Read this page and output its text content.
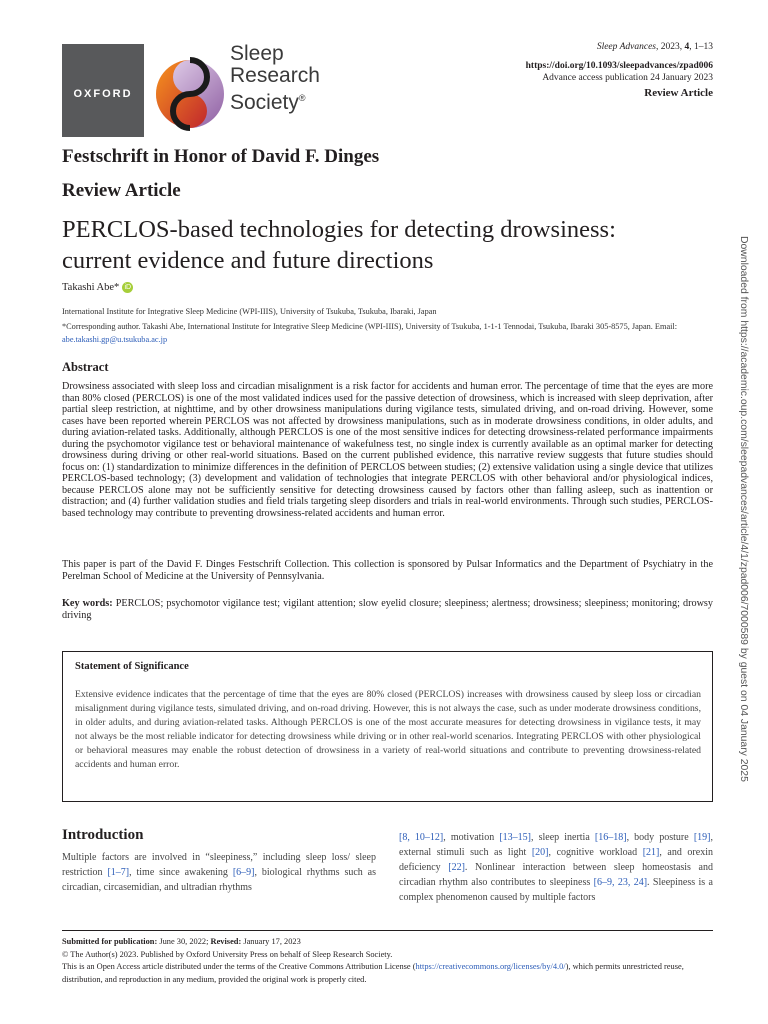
OXFORD
Sleep
Research
Society®
Sleep Advances, 2023, 4, 1–13
https://doi.org/10.1093/sleepadvances/zpad006
Advance access publication 24 January 2023
Review Article
Festschrift in Honor of David F. Dinges
Review Article
PERCLOS-based technologies for detecting drowsiness:
current evidence and future directions
Takashi Abe* iD
International Institute for Integrative Sleep Medicine (WPI-IIIS), University of Tsukuba, Tsukuba, Ibaraki, Japan
*Corresponding author. Takashi Abe, International Institute for Integrative Sleep Medicine (WPI-IIIS), University of Tsukuba, 1-1-1 Tennodai, Tsukuba, Ibaraki 305-8575, Japan. Email: abe.takashi.gp@u.tsukuba.ac.jp
Abstract
Drowsiness associated with sleep loss and circadian misalignment is a risk factor for accidents and human error. The percentage of time that the eyes are more than 80% closed (PERCLOS) is one of the most validated indices used for the passive detection of drowsiness, which is increased with sleep deprivation, after partial sleep restriction, at nighttime, and by other drowsiness manipulations during vigilance tests, simulated driving, and on-road driving. However, some cases have been reported wherein PERCLOS was not affected by drowsiness manipulations, such as in moderate drowsiness conditions, in older adults, and during aviation-related tasks. Additionally, although PERCLOS is one of the most sensitive indices for detecting drowsiness-related performance impairments during the psychomotor vigilance test or behavioral maintenance of wakefulness test, no single index is currently available as an optimal marker for detecting drowsiness during driving or other real-world situations. Based on the current published evidence, this narrative review suggests that future studies should focus on: (1) standardization to minimize differences in the definition of PERCLOS between studies; (2) extensive validation using a single device that utilizes PERCLOS-based technology; (3) development and validation of technologies that integrate PERCLOS with other behavioral and/or physiological indices, because PERCLOS alone may not be sufficiently sensitive for detecting drowsiness caused by factors other than falling asleep, such as inattention or distraction; and (4) further validation studies and field trials targeting sleep disorders and trials in real-world environments. Through such studies, PERCLOS-based technology may contribute to preventing drowsiness-related accidents and human error.
This paper is part of the David F. Dinges Festschrift Collection. This collection is sponsored by Pulsar Informatics and the Department of Psychiatry in the Perelman School of Medicine at the University of Pennsylvania.
Key words: PERCLOS; psychomotor vigilance test; vigilant attention; slow eyelid closure; sleepiness; alertness; drowsiness; sleepiness; monitoring; drowsy driving
Statement of Significance
Extensive evidence indicates that the percentage of time that the eyes are 80% closed (PERCLOS) increases with drowsiness caused by sleep loss or circadian misalignment during vigilance tests, simulated driving, and on-road driving. However, this is not always the case, such as under moderate drowsiness conditions, in older adults, and during aviation-related tasks. Although PERCLOS is one of the most accurate measures for detecting drowsiness in vigilance tests, it may not always be the most reliable indicator for detecting drowsiness while driving or in other real-world scenarios. Integrating PERCLOS with other physiological or behavioral measures may enable the robust detection of drowsiness in a variety of real-world situations and contribute to preventing drowsiness-related accidents and human error.
Introduction
Multiple factors are involved in “sleepiness,” including sleep loss/ sleep restriction [1–7], time since awakening [6–9], biological rhythms such as circadian, circasemidian, and ultradian rhythms
[8, 10–12], motivation [13–15], sleep inertia [16–18], body posture [19], external stimuli such as light [20], cognitive workload [21], and orexin deficiency [22]. Nonlinear interaction between sleep homeostasis and circadian rhythm also contributes to sleepiness [6–9, 23, 24]. Sleepiness is a complex phenomenon caused by multiple factors
Submitted for publication: June 30, 2022; Revised: January 17, 2023
© The Author(s) 2023. Published by Oxford University Press on behalf of Sleep Research Society.
This is an Open Access article distributed under the terms of the Creative Commons Attribution License (https://creativecommons.org/licenses/by/4.0/), which permits unrestricted reuse, distribution, and reproduction in any medium, provided the original work is properly cited.
Downloaded from https://academic.oup.com/sleepadvances/article/4/1/zpad006/7000589 by guest on 04 January 2025
